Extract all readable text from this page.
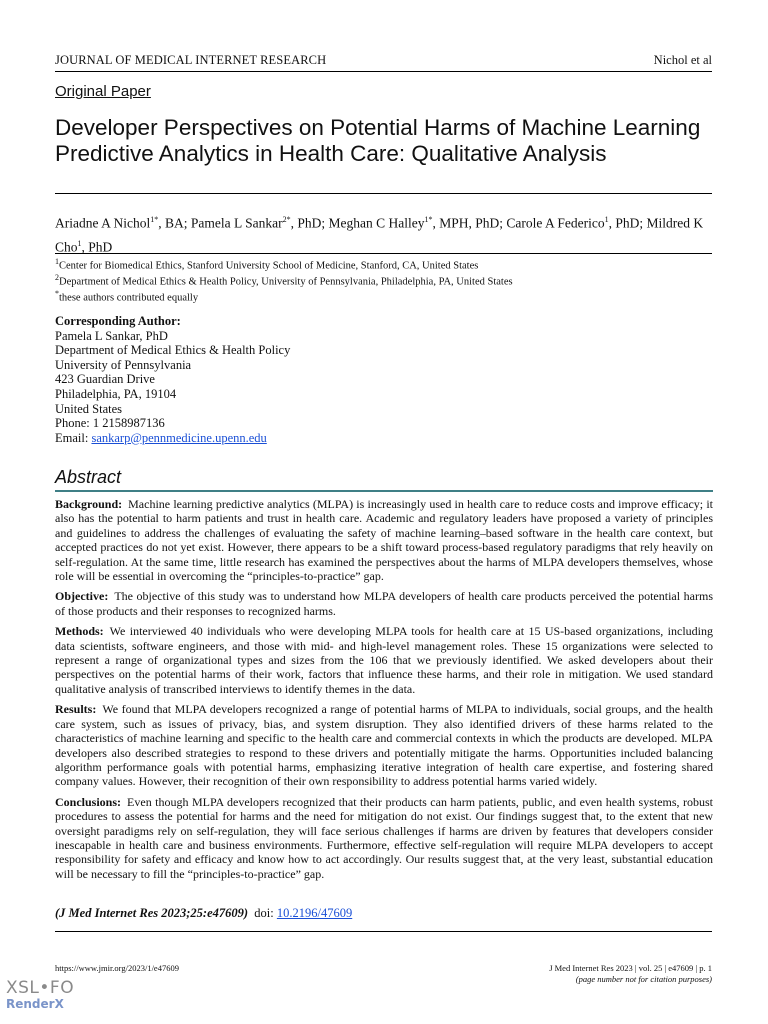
JOURNAL OF MEDICAL INTERNET RESEARCH	Nichol et al
Original Paper
Developer Perspectives on Potential Harms of Machine Learning Predictive Analytics in Health Care: Qualitative Analysis
Ariadne A Nichol$^{1*}$, BA; Pamela L Sankar$^{2*}$, PhD; Meghan C Halley$^{1*}$, MPH, PhD; Carole A Federico$^1$, PhD; Mildred K Cho$^1$, PhD
$^1$Center for Biomedical Ethics, Stanford University School of Medicine, Stanford, CA, United States
$^2$Department of Medical Ethics & Health Policy, University of Pennsylvania, Philadelphia, PA, United States
*these authors contributed equally
Corresponding Author:
Pamela L Sankar, PhD
Department of Medical Ethics & Health Policy
University of Pennsylvania
423 Guardian Drive
Philadelphia, PA, 19104
United States
Phone: 1 2158987136
Email: sankarp@pennmedicine.upenn.edu
Abstract

Background: Machine learning predictive analytics (MLPA) is increasingly used in health care to reduce costs and improve efficacy; it also has the potential to harm patients and trust in health care. Academic and regulatory leaders have proposed a variety of principles and guidelines to address the challenges of evaluating the safety of machine learning–based software in the health care context, but accepted practices do not yet exist. However, there appears to be a shift toward process-based regulatory paradigms that rely heavily on self-regulation. At the same time, little research has examined the perspectives about the harms of MLPA developers themselves, whose role will be essential in overcoming the “principles-to-practice” gap.

Objective: The objective of this study was to understand how MLPA developers of health care products perceived the potential harms of those products and their responses to recognized harms.

Methods: We interviewed 40 individuals who were developing MLPA tools for health care at 15 US-based organizations, including data scientists, software engineers, and those with mid- and high-level management roles. These 15 organizations were selected to represent a range of organizational types and sizes from the 106 that we previously identified. We asked developers about their perspectives on the potential harms of their work, factors that influence these harms, and their role in mitigation. We used standard qualitative analysis of transcribed interviews to identify themes in the data.

Results: We found that MLPA developers recognized a range of potential harms of MLPA to individuals, social groups, and the health care system, such as issues of privacy, bias, and system disruption. They also identified drivers of these harms related to the characteristics of machine learning and specific to the health care and commercial contexts in which the products are developed. MLPA developers also described strategies to respond to these drivers and potentially mitigate the harms. Opportunities included balancing algorithm performance goals with potential harms, emphasizing iterative integration of health care expertise, and fostering shared company values. However, their recognition of their own responsibility to address potential harms varied widely.

Conclusions: Even though MLPA developers recognized that their products can harm patients, public, and even health systems, robust procedures to assess the potential for harms and the need for mitigation do not exist. Our findings suggest that, to the extent that new oversight paradigms rely on self-regulation, they will face serious challenges if harms are driven by features that developers consider inescapable in health care and business environments. Furthermore, effective self-regulation will require MLPA developers to accept responsibility for safety and efficacy and know how to act accordingly. Our results suggest that, at the very least, substantial education will be necessary to fill the “principles-to-practice” gap.

(J Med Internet Res 2023;25:e47609) doi: 10.2196/47609
https://www.jmir.org/2023/1/e47609	J Med Internet Res 2023 | vol. 25 | e47609 | p. 1
(page number not for citation purposes)
XSL•FO
RenderX
